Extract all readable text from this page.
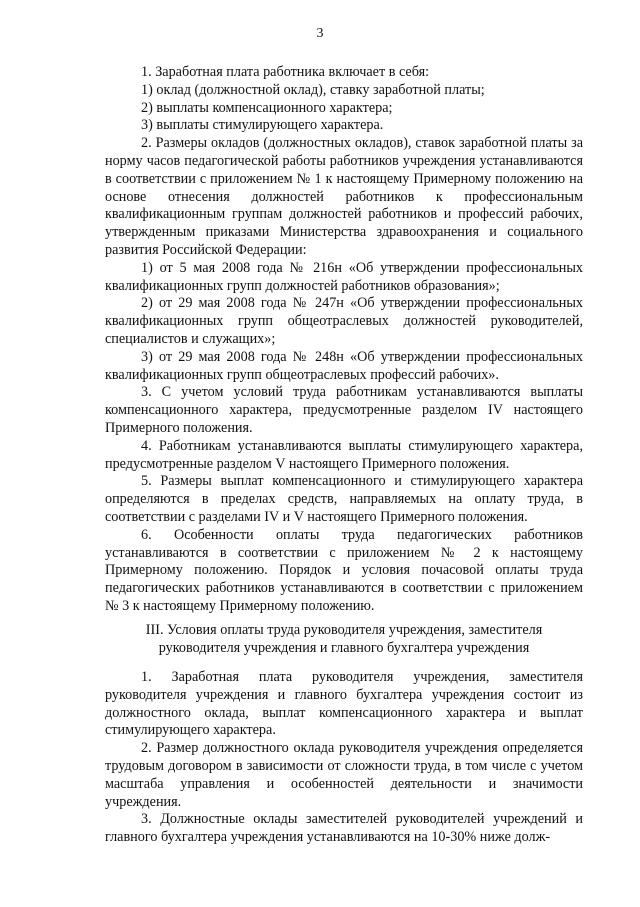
3

1. Заработная плата работника включает в себя:

1) оклад (должностной оклад), ставку заработной платы;

2) выплаты компенсационного характера;

3) выплаты стимулирующего характера.

2. Размеры окладов (должностных окладов), ставок заработной платы за норму часов педагогической работы работников учреждения устанавливаются в соответствии с приложением № 1 к настоящему Примерному положению на основе отнесения должностей работников к профессиональным квалификационным группам должностей работников и профессий рабочих, утвержденным приказами Министерства здравоохранения и социального развития Российской Федерации:

1) от 5 мая 2008 года № 216н «Об утверждении профессиональных квалификационных групп должностей работников образования»;

2) от 29 мая 2008 года № 247н «Об утверждении профессиональных квалификационных групп общеотраслевых должностей руководителей, специалистов и служащих»;

3) от 29 мая 2008 года № 248н «Об утверждении профессиональных квалификационных групп общеотраслевых профессий рабочих».

3. С учетом условий труда работникам устанавливаются выплаты компенсационного характера, предусмотренные разделом IV настоящего Примерного положения.

4. Работникам устанавливаются выплаты стимулирующего характера, предусмотренные разделом V настоящего Примерного положения.

5. Размеры выплат компенсационного и стимулирующего характера определяются в пределах средств, направляемых на оплату труда, в соответствии с разделами IV и V настоящего Примерного положения.

6. Особенности оплаты труда педагогических работников устанавливаются в соответствии с приложением № 2 к настоящему Примерному положению. Порядок и условия почасовой оплаты труда педагогических работников устанавливаются в соответствии с приложением № 3 к настоящему Примерному положению.

III. Условия оплаты труда руководителя учреждения, заместителя
руководителя учреждения и главного бухгалтера учреждения

1. Заработная плата руководителя учреждения, заместителя руководителя учреждения и главного бухгалтера учреждения состоит из должностного оклада, выплат компенсационного характера и выплат стимулирующего характера.

2. Размер должностного оклада руководителя учреждения определяется трудовым договором в зависимости от сложности труда, в том числе с учетом масштаба управления и особенностей деятельности и значимости учреждения.

3. Должностные оклады заместителей руководителей учреждений и главного бухгалтера учреждения устанавливаются на 10-30% ниже долж-
